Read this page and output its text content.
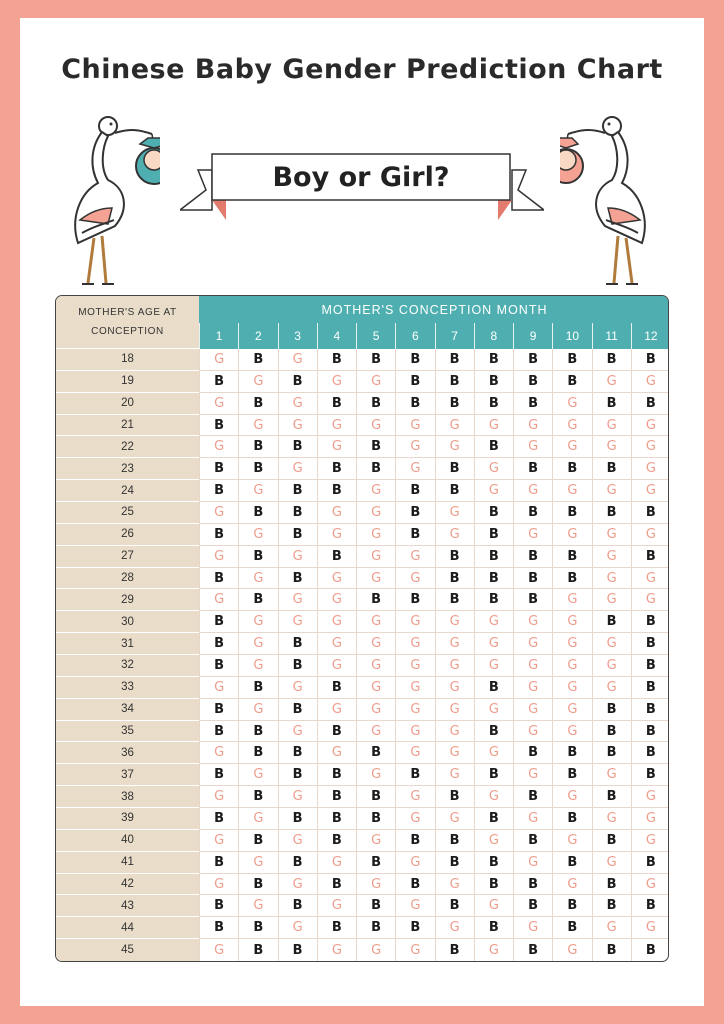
Chinese Baby Gender Prediction Chart
Boy or Girl?
MOTHER'S AGE AT CONCEPTION
MOTHER'S CONCEPTION MONTH
1	2	3	4	5	6	7	8	9	10	11	12
18	G	B	G	B	B	B	B	B	B	B	B	B
19	B	G	B	G	G	B	B	B	B	B	G	G
20	G	B	G	B	B	B	B	B	B	G	B	B
21	B	G	G	G	G	G	G	G	G	G	G	G
22	G	B	B	G	B	G	G	B	G	G	G	G
23	B	B	G	B	B	G	B	G	B	B	B	G
24	B	G	B	B	G	B	B	G	G	G	G	G
25	G	B	B	G	G	B	G	B	B	B	B	B
26	B	G	B	G	G	B	G	B	G	G	G	G
27	G	B	G	B	G	G	B	B	B	B	G	B
28	B	G	B	G	G	G	B	B	B	B	G	G
29	G	B	G	G	B	B	B	B	B	G	G	G
30	B	G	G	G	G	G	G	G	G	G	B	B
31	B	G	B	G	G	G	G	G	G	G	G	B
32	B	G	B	G	G	G	G	G	G	G	G	B
33	G	B	G	B	G	G	G	B	G	G	G	B
34	B	G	B	G	G	G	G	G	G	G	B	B
35	B	B	G	B	G	G	G	B	G	G	B	B
36	G	B	B	G	B	G	G	G	B	B	B	B
37	B	G	B	B	G	B	G	B	G	B	G	B
38	G	B	G	B	B	G	B	G	B	G	B	G
39	B	G	B	B	B	G	G	B	G	B	G	G
40	G	B	G	B	G	B	B	G	B	G	B	G
41	B	G	B	G	B	G	B	B	G	B	G	B
42	G	B	G	B	G	B	G	B	B	G	B	G
43	B	G	B	G	B	G	B	G	B	B	B	B
44	B	B	G	B	B	B	G	B	G	B	G	G
45	G	B	B	G	G	G	B	G	B	G	B	B
